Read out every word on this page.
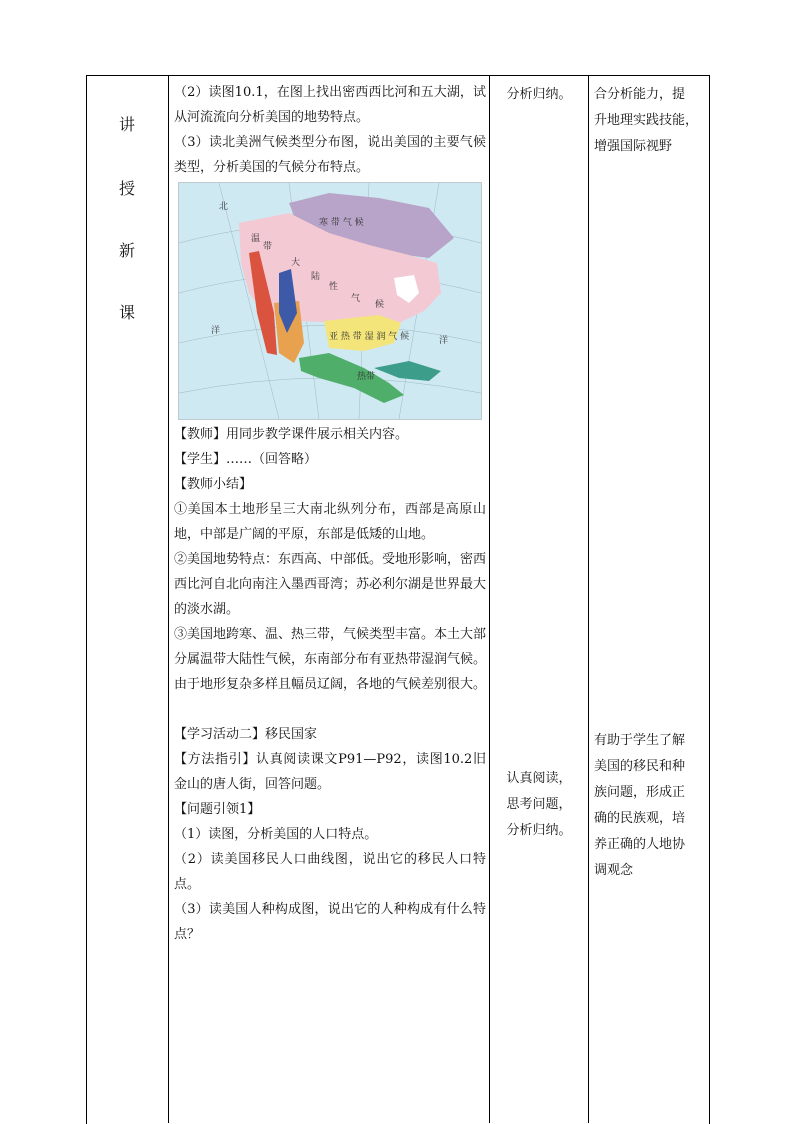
讲
授
新
课

（2）读图10.1，在图上找出密西西比河和五大湖，试从河流流向分析美国的地势特点。

（3）读北美洲气候类型分布图，说出美国的主要气候类型，分析美国的气候分布特点。

寒 带 气 候
温
带
大
陆
性
气
候
亚 热 带 湿 润 气 候
热带
洋
洋
北

【教师】用同步教学课件展示相关内容。

【学生】……（回答略）

【教师小结】

①美国本土地形呈三大南北纵列分布，西部是高原山地，中部是广阔的平原，东部是低矮的山地。

②美国地势特点：东西高、中部低。受地形影响，密西西比河自北向南注入墨西哥湾；苏必利尔湖是世界最大的淡水湖。

③美国地跨寒、温、热三带，气候类型丰富。本土大部分属温带大陆性气候，东南部分布有亚热带湿润气候。由于地形复杂多样且幅员辽阔，各地的气候差别很大。

【学习活动二】移民国家

【方法指引】认真阅读课文P91—P92，读图10.2旧金山的唐人街，回答问题。

【问题引领1】

（1）读图，分析美国的人口特点。

（2）读美国移民人口曲线图，说出它的移民人口特点。

（3）读美国人种构成图，说出它的人种构成有什么特点？

分析归纳。

认真阅读，

思考问题，

分析归纳。

合分析能力，提

升地理实践技能，

增强国际视野

有助于学生了解

美国的移民和种

族问题，形成正

确的民族观，培

养正确的人地协

调观念
